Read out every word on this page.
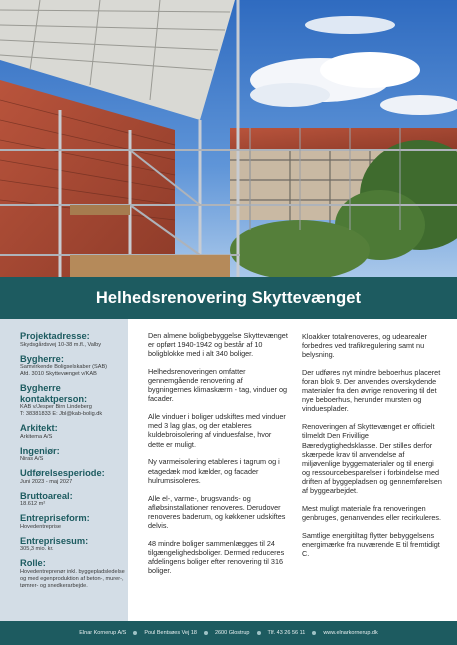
Helhedsrenovering Skyttevænget
Projektadresse:
Skydsgårdsvej 10-38 m.fl., Valby
Bygherre:
Samvirkende Boligselskaber (SAB)
Afd. 3010 Skyttevænget v/KAB
Bygherre kontaktperson:
KAB v/Jesper Birn Lindeberg
T: 38381833 E: Jbl@kab-bolig.dk
Arkitekt:
Arkitema A/S
Ingeniør:
Niras A/S
Udførelsesperiode:
Juni 2023 - maj 2027
Bruttoareal:
18.612 m²
Entrepriseform:
Hovedentreprise
Entreprisesum:
305,3 mio. kr.
Rolle:
Hovedentreprenør inkl. byggepladsledelse og med egenproduktion af beton-, murer-, tømrer- og snedkerarbejde.

Den almene boligbebyggelse Skyttevænget er opført 1940-1942 og består af 10 boligblokke med i alt 340 boliger.

Helhedsrenoveringen omfatter gennemgående renovering af bygningernes klimaskærm - tag, vinduer og facader.

Alle vinduer i boliger udskiftes med vinduer med 3 lag glas, og der etableres kuldebroisolering af vinduesfalse, hvor dette er muligt.

Ny varmeisolering etableres i tagrum og i etagedæk mod kælder, og facader hulrumsisoleres.

Alle el-, varme-, brugsvands- og afløbsinstallationer renoveres. Derudover renoveres baderum, og køkkener udskiftes delvis.

48 mindre boliger sammenlægges til 24 tilgængelighedsboliger. Dermed reduceres afdelingens boliger efter renovering til 316 boliger.

Kloakker totalrenoveres, og udearealer forbedres ved trafikregulering samt nu belysning.

Der udføres nyt mindre beboerhus placeret foran blok 9. Der anvendes overskydende materialer fra den øvrige renovering til det nye beboerhus, herunder mursten og vinduesplader.

Renoveringen af Skyttevænget er officielt tilmeldt Den Frivillige Bæredygtighedsklasse. Der stilles derfor skærpede krav til anvendelse af miljøvenlige byggematerialer og til energi og ressourcebesparelser i forbindelse med driften af byggepladsen og gennemførelsen af byggearbejdet.

Mest muligt materiale fra renoveringen genbruges, genanvendes eller recirkuleres.

Samtlige energitiltag flytter bebyggelsens energimærke fra nuværende E til fremtidigt C.

Elnar Kornerup A/S	Poul Bentsøes Vej 18	2600 Glostrup	Tlf. 43 26 56 11	www.elnarkornerup.dk
